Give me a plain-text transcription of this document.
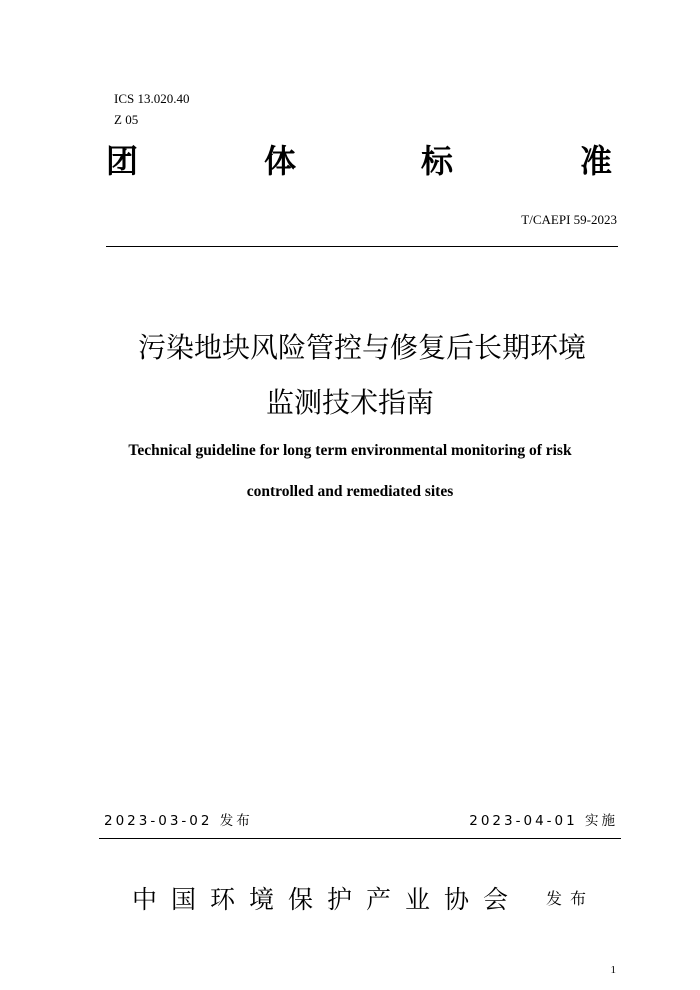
ICS 13.020.40
Z 05
团	体	标	准
T/CAEPI 59-2023
污染地块风险管控与修复后长期环境
监测技术指南
Technical guideline for long term environmental monitoring of risk
controlled and remediated sites
2023-03-02 发布	2023-04-01 实施
中国环境保护产业协会 发布
1
